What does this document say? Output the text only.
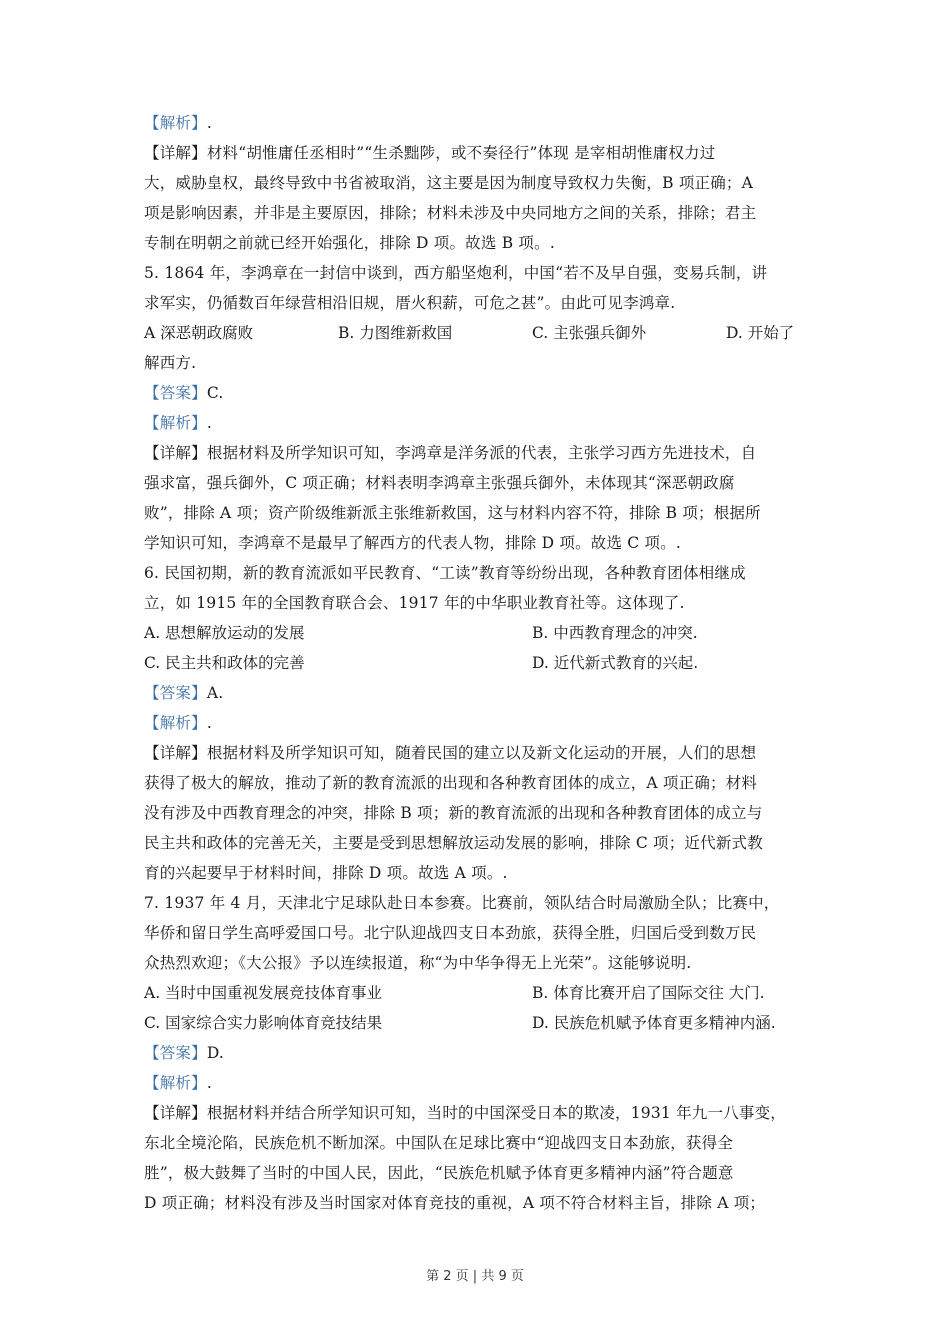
【解析】.
【详解】材料“胡惟庸任丞相时”“生杀黜陟，或不奏径行”体现 是宰相胡惟庸权力过
大，威胁皇权，最终导致中书省被取消，这主要是因为制度导致权力失衡，B 项正确；A
项是影响因素，并非是主要原因，排除；材料未涉及中央同地方之间的关系，排除；君主
专制在明朝之前就已经开始强化，排除 D 项。故选 B 项。.
5. 1864 年，李鸿章在一封信中谈到，西方船坚炮利，中国“若不及早自强，变易兵制，讲
求军实，仍循数百年绿营相沿旧规，厝火积薪，可危之甚”。由此可见李鸿章.
A 深恶朝政腐败	B. 力图维新救国	C. 主张强兵御外	D. 开始了
解西方.
【答案】C.
【解析】.
【详解】根据材料及所学知识可知，李鸿章是洋务派的代表，主张学习西方先进技术，自
强求富，强兵御外，C 项正确；材料表明李鸿章主张强兵御外，未体现其“深恶朝政腐
败”，排除 A 项；资产阶级维新派主张维新救国，这与材料内容不符，排除 B 项；根据所
学知识可知，李鸿章不是最早了解西方的代表人物，排除 D 项。故选 C 项。.
6. 民国初期，新的教育流派如平民教育、“工读”教育等纷纷出现，各种教育团体相继成
立，如 1915 年的全国教育联合会、1917 年的中华职业教育社等。这体现了.
A. 思想解放运动的发展	B. 中西教育理念的冲突.
C. 民主共和政体的完善	D. 近代新式教育的兴起.
【答案】A.
【解析】.
【详解】根据材料及所学知识可知，随着民国的建立以及新文化运动的开展，人们的思想
获得了极大的解放，推动了新的教育流派的出现和各种教育团体的成立，A 项正确；材料
没有涉及中西教育理念的冲突，排除 B 项；新的教育流派的出现和各种教育团体的成立与
民主共和政体的完善无关，主要是受到思想解放运动发展的影响，排除 C 项；近代新式教
育的兴起要早于材料时间，排除 D 项。故选 A 项。.
7. 1937 年 4 月，天津北宁足球队赴日本参赛。比赛前，领队结合时局激励全队；比赛中，
华侨和留日学生高呼爱国口号。北宁队迎战四支日本劲旅，获得全胜，归国后受到数万民
众热烈欢迎；《大公报》予以连续报道，称“为中华争得无上光荣”。这能够说明.
A. 当时中国重视发展竞技体育事业	B. 体育比赛开启了国际交往 大门.
C. 国家综合实力影响体育竞技结果	D. 民族危机赋予体育更多精神内涵.
【答案】D.
【解析】.
【详解】根据材料并结合所学知识可知，当时的中国深受日本的欺凌，1931 年九一八事变，
东北全境沦陷，民族危机不断加深。中国队在足球比赛中“迎战四支日本劲旅，获得全
胜”，极大鼓舞了当时的中国人民，因此，“民族危机赋予体育更多精神内涵”符合题意
D 项正确；材料没有涉及当时国家对体育竞技的重视，A 项不符合材料主旨，排除 A 项；
第 2 页 | 共 9 页
